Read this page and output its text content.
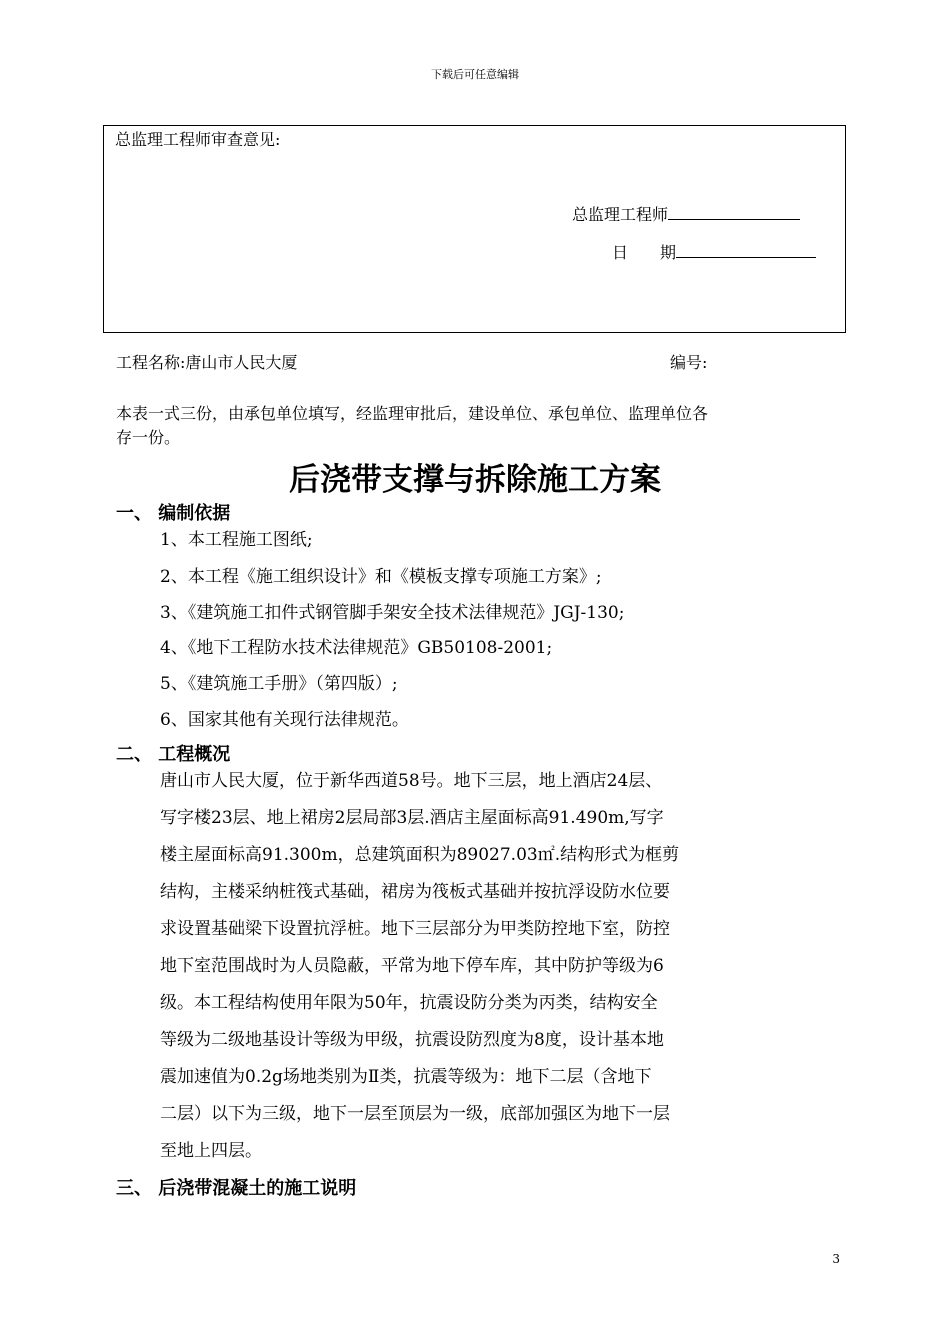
下载后可任意编辑
总监理工程师审查意见:
总监理工程师
日　　期
工程名称:唐山市人民大厦	编号:
本表一式三份，由承包单位填写，经监理审批后，建设单位、承包单位、监理单位各
存一份。
后浇带支撑与拆除施工方案
一、 编制依据
1、本工程施工图纸;
2、本工程《施工组织设计》和《模板支撑专项施工方案》;
3、《建筑施工扣件式钢管脚手架安全技术法律规范》JGJ-130;
4、《地下工程防水技术法律规范》GB50108-2001;
5、《建筑施工手册》（第四版）;
6、国家其他有关现行法律规范。
二、 工程概况
唐山市人民大厦，位于新华西道58号。地下三层，地上酒店24层、
写字楼23层、地上裙房2层局部3层.酒店主屋面标高91.490m,写字
楼主屋面标高91.300m，总建筑面积为89027.03㎡.结构形式为框剪
结构，主楼采纳桩筏式基础，裙房为筏板式基础并按抗浮设防水位要
求设置基础梁下设置抗浮桩。地下三层部分为甲类防控地下室，防控
地下室范围战时为人员隐蔽，平常为地下停车库，其中防护等级为6
级。本工程结构使用年限为50年，抗震设防分类为丙类，结构安全
等级为二级地基设计等级为甲级，抗震设防烈度为8度，设计基本地
震加速值为0.2g场地类别为Ⅱ类，抗震等级为：地下二层（含地下
二层）以下为三级，地下一层至顶层为一级，底部加强区为地下一层
至地上四层。
三、 后浇带混凝土的施工说明
3
